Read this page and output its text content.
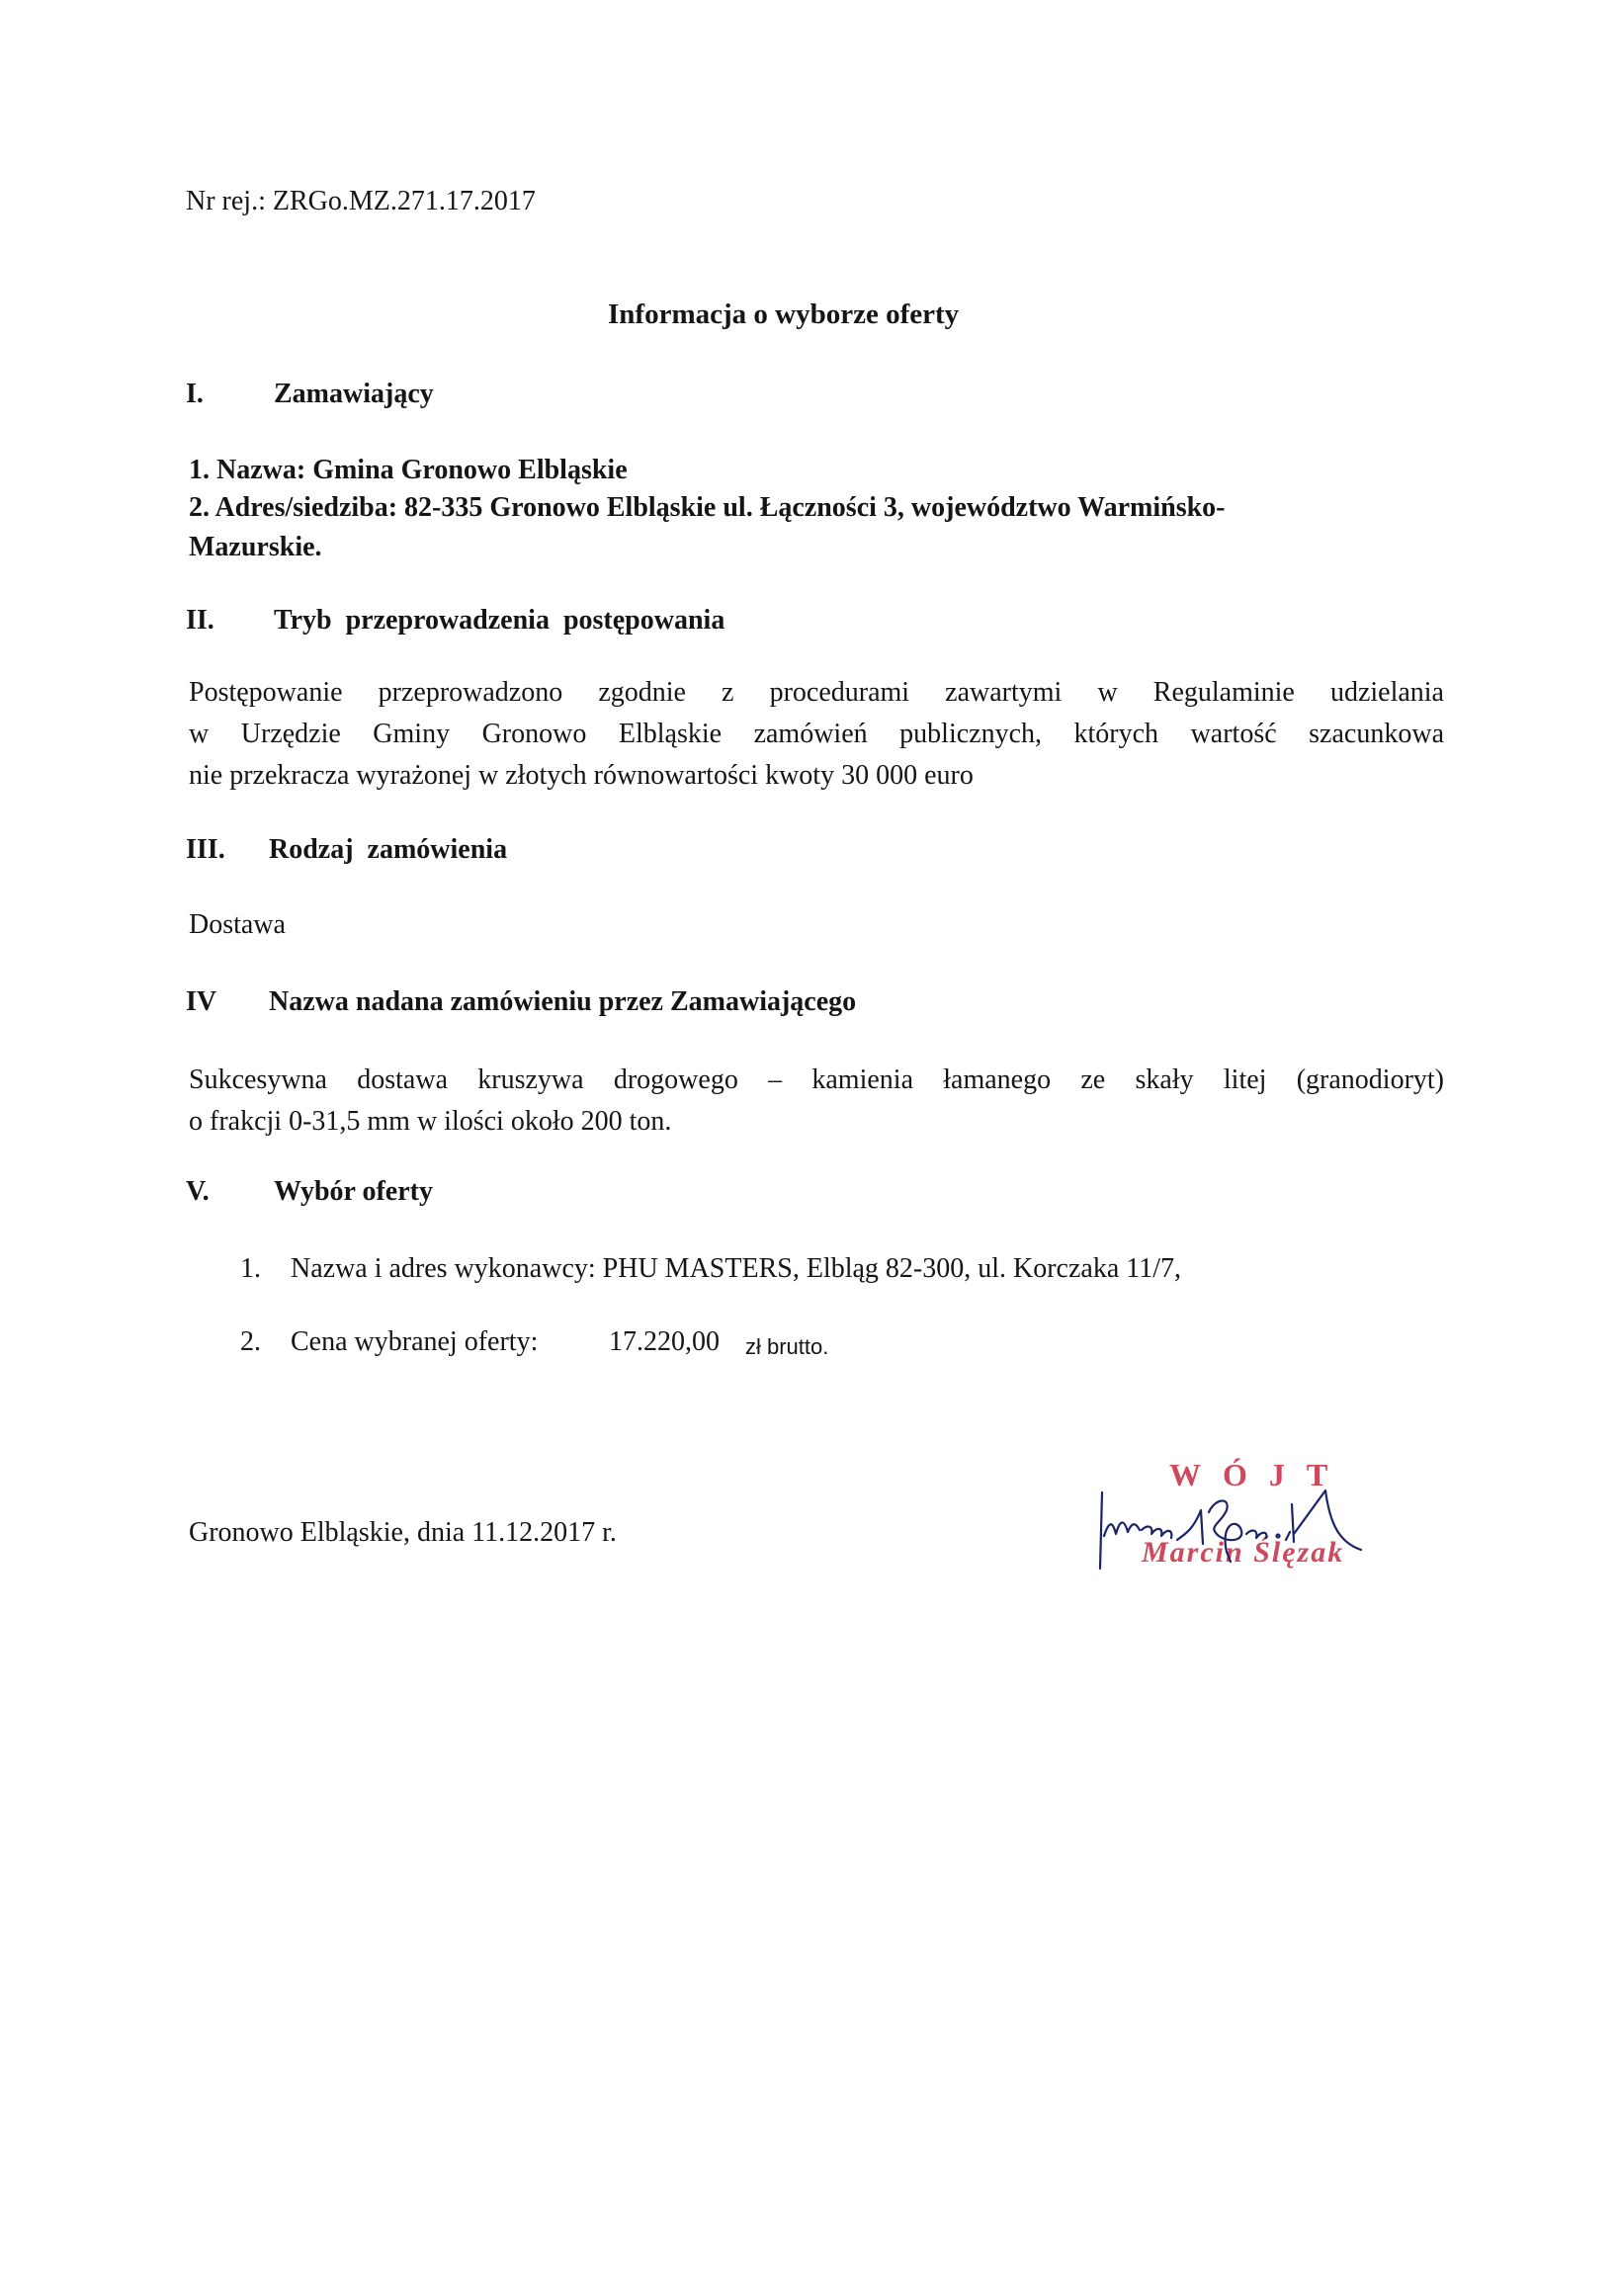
Nr rej.: ZRGo.MZ.271.17.2017
Informacja o wyborze oferty
I.	Zamawiający
1. Nazwa: Gmina Gronowo Elbląskie
2. Adres/siedziba: 82-335 Gronowo Elbląskie ul. Łączności 3, województwo Warmińsko-
Mazurskie.
II. Tryb  przeprowadzenia  postępowania
Postępowanie przeprowadzono zgodnie z procedurami zawartymi w Regulaminie udzielania
w Urzędzie Gminy Gronowo Elbląskie zamówień publicznych, których wartość szacunkowa
nie przekracza wyrażonej w złotych równowartości kwoty 30 000 euro
III. Rodzaj  zamówienia
Dostawa
IV Nazwa nadana zamówieniu przez Zamawiającego
Sukcesywna dostawa kruszywa drogowego – kamienia łamanego ze skały litej (granodioryt)
o frakcji 0-31,5 mm w ilości około 200 ton.
V. Wybór oferty
1. Nazwa i adres wykonawcy: PHU MASTERS, Elbląg 82-300, ul. Korczaka 11/7,
2. Cena wybranej oferty:	17.220,00 zł brutto.
Gronowo Elbląskie, dnia 11.12.2017 r.
WÓJT
Marcin Ślęzak
